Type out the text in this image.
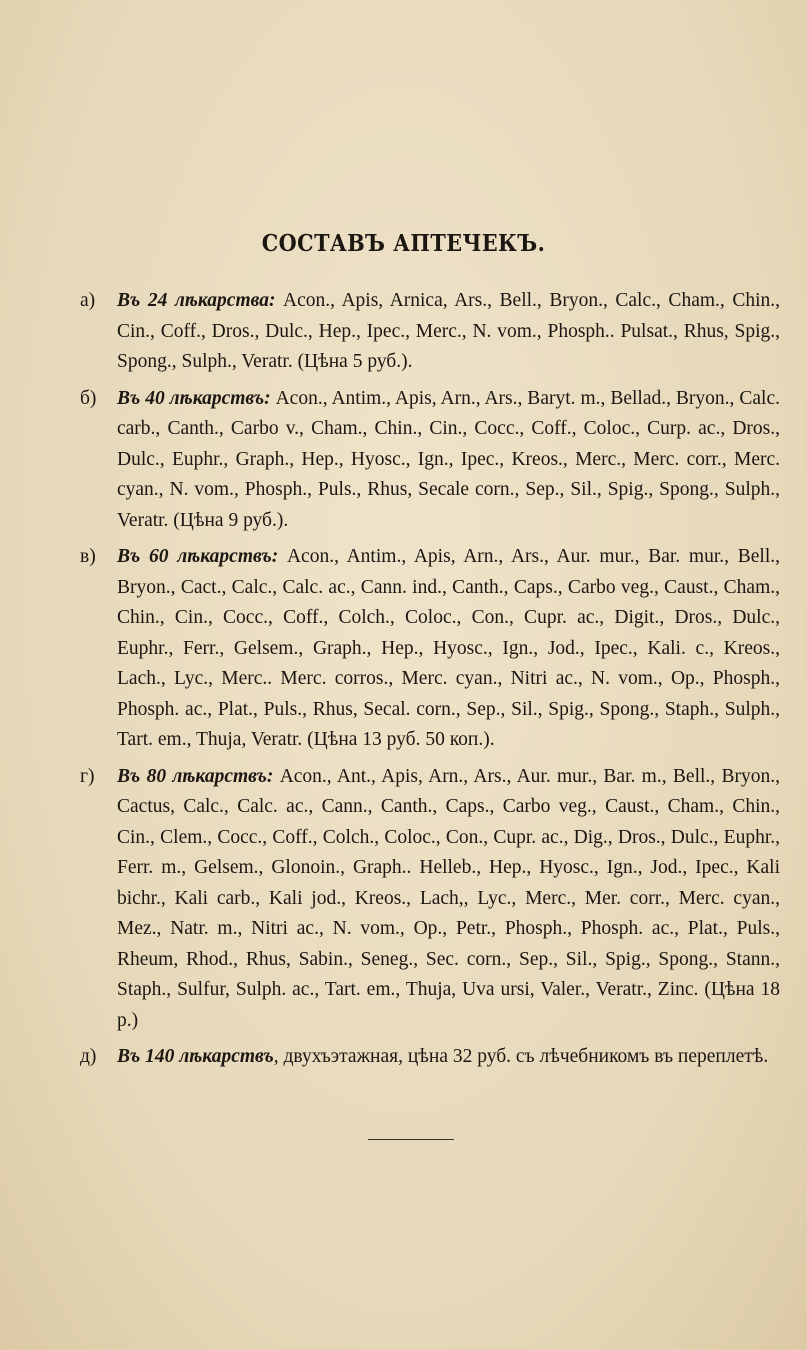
СОСТАВЪ АПТЕЧЕКЪ.

а) Въ 24 лѣкарства: Acon., Apis, Arnica, Ars., Bell., Bryon., Calc., Cham., Chin., Cin., Coff., Dros., Dulc., Hep., Ipec., Merc., N. vom., Phosph.. Pulsat., Rhus, Spig., Spong., Sulph., Veratr. (Цѣна 5 руб.).

б) Въ 40 лѣкарствъ: Acon., Antim., Apis, Arn., Ars., Baryt. m., Bellad., Bryon., Calc. carb., Canth., Carbo v., Cham., Chin., Cin., Cocc., Coff., Coloc., Curp. ac., Dros., Dulc., Euphr., Graph., Hep., Hyosc., Ign., Ipec., Kreos., Merc., Merc. corr., Merc. cyan., N. vom., Phosph., Puls., Rhus, Secale corn., Sep., Sil., Spig., Spong., Sulph., Veratr. (Цѣна 9 руб.).

в) Въ 60 лѣкарствъ: Acon., Antim., Apis, Arn., Ars., Aur. mur., Bar. mur., Bell., Bryon., Cact., Calc., Calc. ac., Cann. ind., Canth., Caps., Carbo veg., Caust., Cham., Chin., Cin., Cocc., Coff., Colch., Coloc., Con., Cupr. ac., Digit., Dros., Dulc., Euphr., Ferr., Gelsem., Graph., Hep., Hyosc., Ign., Jod., Ipec., Kali. c., Kreos., Lach., Lyc., Merc.. Merc. corros., Merc. cyan., Nitri ac., N. vom., Op., Phosph., Phosph. ac., Plat., Puls., Rhus, Secal. corn., Sep., Sil., Spig., Spong., Staph., Sulph., Tart. em., Thuja, Veratr. (Цѣна 13 руб. 50 коп.).

г) Въ 80 лѣкарствъ: Acon., Ant., Apis, Arn., Ars., Aur. mur., Bar. m., Bell., Bryon., Cactus, Calc., Calc. ac., Cann., Canth., Caps., Carbo veg., Caust., Cham., Chin., Cin., Clem., Cocc., Coff., Colch., Coloc., Con., Cupr. ac., Dig., Dros., Dulc., Euphr., Ferr. m., Gelsem., Glonoin., Graph.. Helleb., Hep., Hyosc., Ign., Jod., Ipec., Kali bichr., Kali carb., Kali jod., Kreos., Lach,, Lyc., Merc., Mer. corr., Merc. cyan., Mez., Natr. m., Nitri ac., N. vom., Op., Petr., Phosph., Phosph. ac., Plat., Puls., Rheum, Rhod., Rhus, Sabin., Seneg., Sec. corn., Sep., Sil., Spig., Spong., Stann., Staph., Sulfur, Sulph. ac., Tart. em., Thuja, Uva ursi, Valer., Veratr., Zinc. (Цѣна 18 р.)

д) Въ 140 лѣкарствъ, двухъэтажная, цѣна 32 руб. съ лѣчебникомъ въ переплетѣ.
